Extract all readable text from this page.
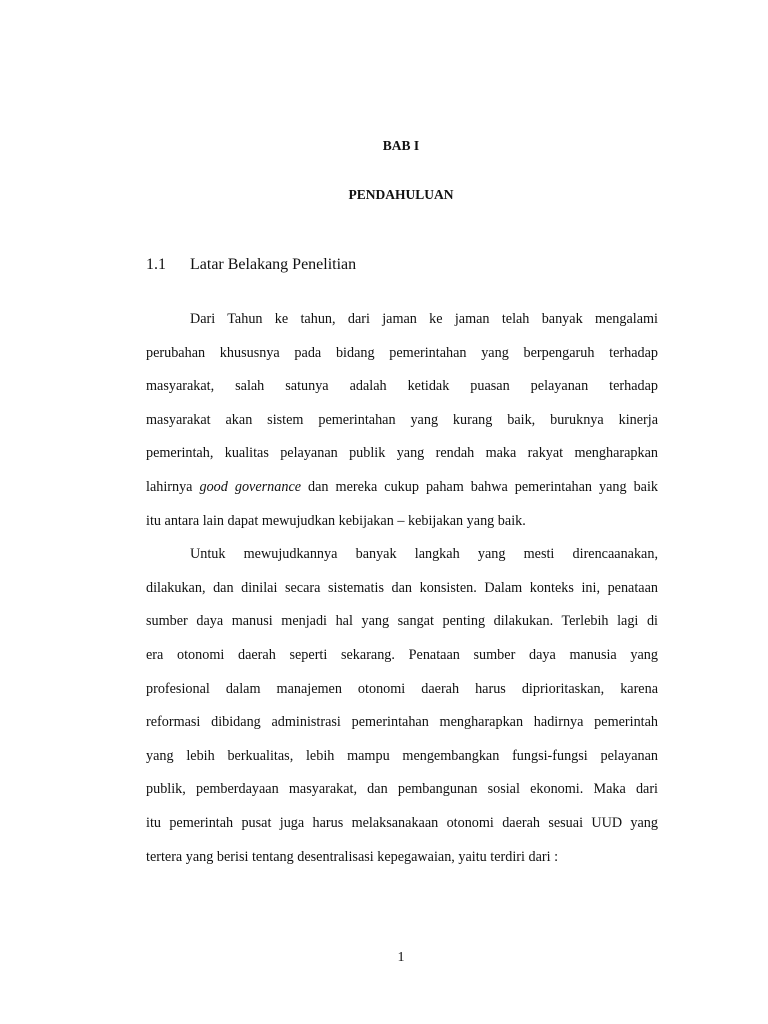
BAB I
PENDAHULUAN
1.1 Latar Belakang Penelitian
Dari Tahun ke tahun, dari jaman ke jaman telah banyak mengalami
perubahan khususnya pada bidang pemerintahan yang berpengaruh terhadap
masyarakat, salah satunya adalah ketidak puasan pelayanan terhadap
masyarakat akan sistem pemerintahan yang kurang baik, buruknya kinerja
pemerintah, kualitas pelayanan publik yang rendah maka rakyat mengharapkan
lahirnya good governance dan mereka cukup paham bahwa pemerintahan yang baik
itu antara lain dapat mewujudkan kebijakan – kebijakan yang baik.
Untuk mewujudkannya banyak langkah yang mesti direncaanakan,
dilakukan, dan dinilai secara sistematis dan konsisten. Dalam konteks ini, penataan
sumber daya manusi menjadi hal yang sangat penting dilakukan. Terlebih lagi di
era otonomi daerah seperti sekarang. Penataan sumber daya manusia yang
profesional dalam manajemen otonomi daerah harus diprioritaskan, karena
reformasi dibidang administrasi pemerintahan mengharapkan hadirnya pemerintah
yang lebih berkualitas, lebih mampu mengembangkan fungsi-fungsi pelayanan
publik, pemberdayaan masyarakat, dan pembangunan sosial ekonomi. Maka dari
itu pemerintah pusat juga harus melaksanakaan otonomi daerah sesuai UUD yang
tertera yang berisi tentang desentralisasi kepegawaian, yaitu terdiri dari :
1
